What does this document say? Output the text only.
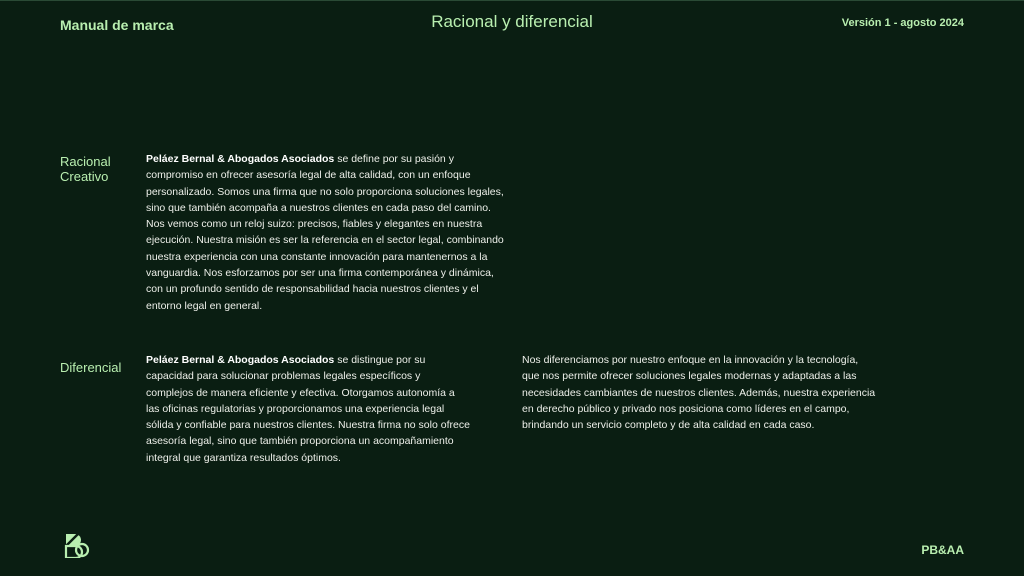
Manual de marca	Racional y diferencial	Versión 1 - agosto 2024
Racional
Creativo

Peláez Bernal & Abogados Asociados se define por su pasión y compromiso en ofrecer asesoría legal de alta calidad, con un enfoque personalizado. Somos una firma que no solo proporciona soluciones legales, sino que también acompaña a nuestros clientes en cada paso del camino. Nos vemos como un reloj suizo: precisos, fiables y elegantes en nuestra ejecución. Nuestra misión es ser la referencia en el sector legal, combinando nuestra experiencia con una constante innovación para mantenernos a la vanguardia. Nos esforzamos por ser una firma contemporánea y dinámica, con un profundo sentido de responsabilidad hacia nuestros clientes y el entorno legal en general.

Diferencial Peláez Bernal & Abogados Asociados se distingue por su capacidad para solucionar problemas legales específicos y complejos de manera eficiente y efectiva. Otorgamos autonomía a las oficinas regulatorias y proporcionamos una experiencia legal sólida y confiable para nuestros clientes. Nuestra firma no solo ofrece asesoría legal, sino que también proporciona un acompañamiento integral que garantiza resultados óptimos.

Nos diferenciamos por nuestro enfoque en la innovación y la tecnología, que nos permite ofrecer soluciones legales modernas y adaptadas a las necesidades cambiantes de nuestros clientes. Además, nuestra experiencia en derecho público y privado nos posiciona como líderes en el campo, brindando un servicio completo y de alta calidad en cada caso.

PB&AA
